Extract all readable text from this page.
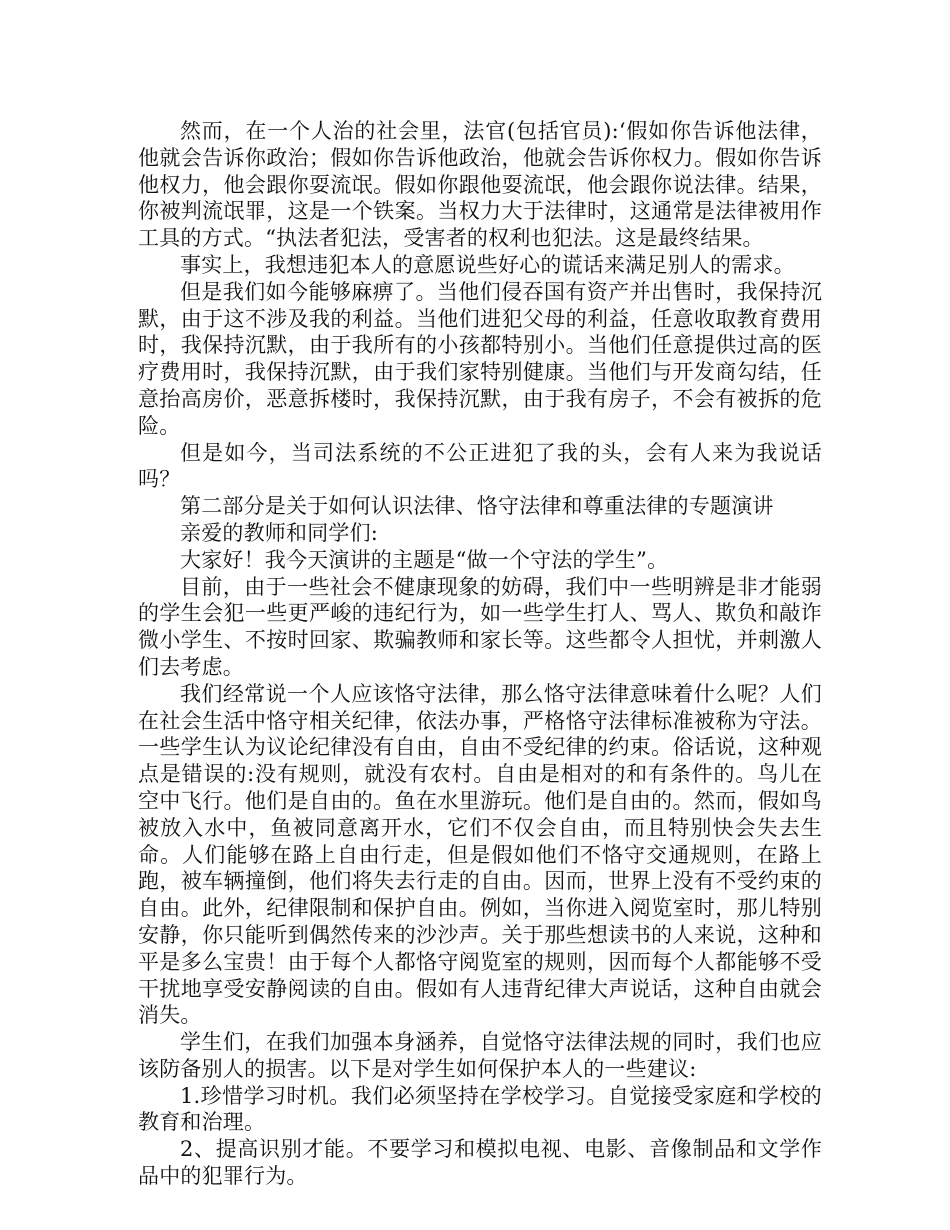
然而，在一个人治的社会里，法官(包括官员):‘假如你告诉他法律，他就会告诉你政治；假如你告诉他政治，他就会告诉你权力。假如你告诉他权力，他会跟你耍流氓。假如你跟他耍流氓，他会跟你说法律。结果，你被判流氓罪，这是一个铁案。当权力大于法律时，这通常是法律被用作工具的方式。“执法者犯法，受害者的权利也犯法。这是最终结果。

事实上，我想违犯本人的意愿说些好心的谎话来满足别人的需求。

但是我们如今能够麻痹了。当他们侵吞国有资产并出售时，我保持沉默，由于这不涉及我的利益。当他们进犯父母的利益，任意收取教育费用时，我保持沉默，由于我所有的小孩都特别小。当他们任意提供过高的医疗费用时，我保持沉默，由于我们家特别健康。当他们与开发商勾结，任意抬高房价，恶意拆楼时，我保持沉默，由于我有房子，不会有被拆的危险。

但是如今，当司法系统的不公正进犯了我的头，会有人来为我说话吗？

第二部分是关于如何认识法律、恪守法律和尊重法律的专题演讲

亲爱的教师和同学们:

大家好！我今天演讲的主题是“做一个守法的学生”。

目前，由于一些社会不健康现象的妨碍，我们中一些明辨是非才能弱的学生会犯一些更严峻的违纪行为，如一些学生打人、骂人、欺负和敲诈微小学生、不按时回家、欺骗教师和家长等。这些都令人担忧，并刺激人们去考虑。

我们经常说一个人应该恪守法律，那么恪守法律意味着什么呢？人们在社会生活中恪守相关纪律，依法办事，严格恪守法律标准被称为守法。一些学生认为议论纪律没有自由，自由不受纪律的约束。俗话说，这种观点是错误的:没有规则，就没有农村。自由是相对的和有条件的。鸟儿在空中飞行。他们是自由的。鱼在水里游玩。他们是自由的。然而，假如鸟被放入水中，鱼被同意离开水，它们不仅会自由，而且特别快会失去生命。人们能够在路上自由行走，但是假如他们不恪守交通规则，在路上跑，被车辆撞倒，他们将失去行走的自由。因而，世界上没有不受约束的自由。此外，纪律限制和保护自由。例如，当你进入阅览室时，那儿特别安静，你只能听到偶然传来的沙沙声。关于那些想读书的人来说，这种和平是多么宝贵！由于每个人都恪守阅览室的规则，因而每个人都能够不受干扰地享受安静阅读的自由。假如有人违背纪律大声说话，这种自由就会消失。

学生们，在我们加强本身涵养，自觉恪守法律法规的同时，我们也应该防备别人的损害。以下是对学生如何保护本人的一些建议:

1.珍惜学习时机。我们必须坚持在学校学习。自觉接受家庭和学校的教育和治理。

2、提高识别才能。不要学习和模拟电视、电影、音像制品和文学作品中的犯罪行为。
